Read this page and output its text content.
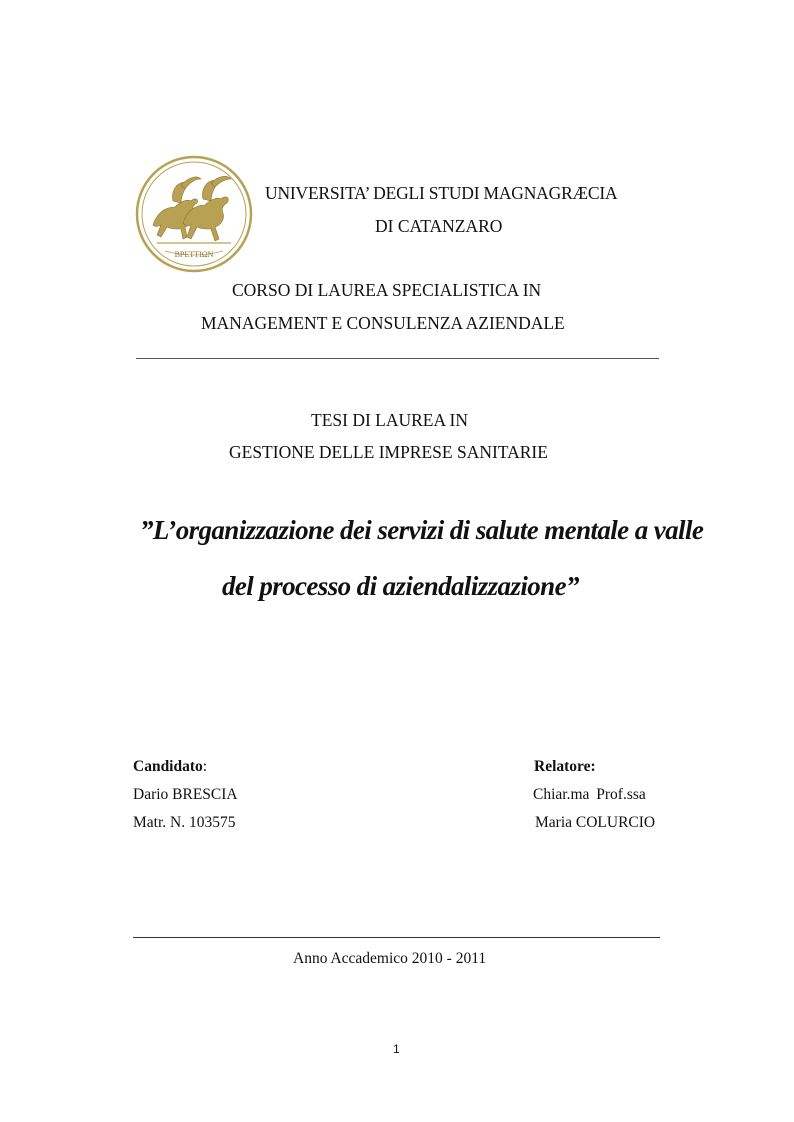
ΒΡΕΤΤΙΩΝ
UNIVERSITA’ DEGLI STUDI MAGNAGRÆCIA
DI CATANZARO
CORSO DI LAUREA SPECIALISTICA IN
MANAGEMENT E CONSULENZA AZIENDALE
TESI DI LAUREA IN
GESTIONE DELLE IMPRESE SANITARIE
”L’organizzazione dei servizi di salute mentale a valle
del processo di aziendalizzazione”
Candidato:
Dario BRESCIA
Matr. N. 103575
Relatore:
Chiar.ma Prof.ssa
Maria COLURCIO
Anno Accademico 2010 - 2011
1
